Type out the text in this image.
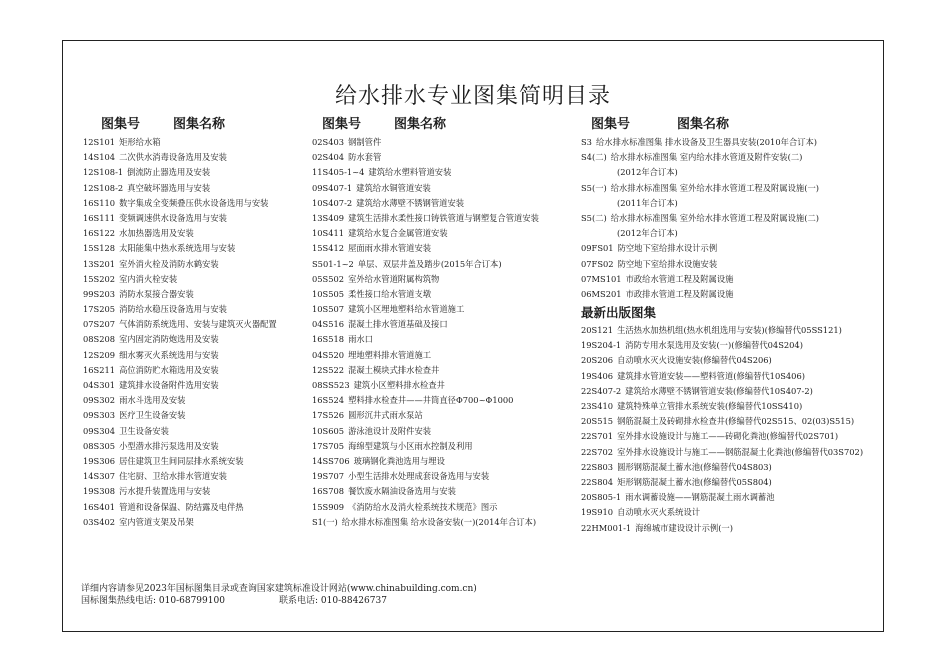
给水排水专业图集简明目录
图集号	图集名称
12S101 矩形给水箱
14S104 二次供水消毒设备选用及安装
12S108-1 倒流防止器选用及安装
12S108-2 真空破坏器选用与安装
16S110 数字集成全变频叠压供水设备选用与安装
16S111 变频调速供水设备选用与安装
16S122 水加热器选用及安装
15S128 太阳能集中热水系统选用与安装
13S201 室外消火栓及消防水鹤安装
15S202 室内消火栓安装
99S203 消防水泵接合器安装
17S205 消防给水稳压设备选用与安装
07S207 气体消防系统选用、安装与建筑灭火器配置
08S208 室内固定消防炮选用及安装
12S209 细水雾灭火系统选用与安装
16S211 高位消防贮水箱选用及安装
04S301 建筑排水设备附件选用安装
09S302 雨水斗选用及安装
09S303 医疗卫生设备安装
09S304 卫生设备安装
08S305 小型潜水排污泵选用及安装
19S306 居住建筑卫生间同层排水系统安装
14S307 住宅厨、卫给水排水管道安装
19S308 污水提升装置选用与安装
16S401 管道和设备保温、防结露及电伴热
03S402 室内管道支架及吊架
图集号	图集名称
02S403 钢制管件
02S404 防水套管
11S405-1~4 建筑给水塑料管道安装
09S407-1 建筑给水铜管道安装
10S407-2 建筑给水薄壁不锈钢管道安装
13S409 建筑生活排水柔性接口铸铁管道与钢塑复合管道安装
10S411 建筑给水复合金属管道安装
15S412 屋面雨水排水管道安装
S501-1~2 单层、双层井盖及踏步(2015年合订本)
05S502 室外给水管道附属构筑物
10S505 柔性接口给水管道支墩
10S507 建筑小区埋地塑料给水管道施工
04S516 混凝土排水管道基础及接口
16S518 雨水口
04S520 埋地塑料排水管道施工
12S522 混凝土模块式排水检查井
08SS523 建筑小区塑料排水检查井
16S524 塑料排水检查井——井筒直径Φ700~Φ1000
17S526 圆形沉井式雨水泵站
10S605 游泳池设计及附件安装
17S705 海绵型建筑与小区雨水控制及利用
14SS706 玻璃钢化粪池选用与埋设
19S707 小型生活排水处理成套设备选用与安装
16S708 餐饮废水隔油设备选用与安装
15S909 《消防给水及消火栓系统技术规范》图示
S1(一) 给水排水标准图集 给水设备安装(一)(2014年合订本)
图集号	图集名称
S3 给水排水标准图集 排水设备及卫生器具安装(2010年合订本)
S4(二) 给水排水标准图集 室内给水排水管道及附件安装(二)
(2012年合订本)
S5(一) 给水排水标准图集 室外给水排水管道工程及附属设施(一)
(2011年合订本)
S5(二) 给水排水标准图集 室外给水排水管道工程及附属设施(二)
(2012年合订本)
09FS01 防空地下室给排水设计示例
07FS02 防空地下室给排水设施安装
07MS101 市政给水管道工程及附属设施
06MS201 市政排水管道工程及附属设施
最新出版图集
20S121 生活热水加热机组(热水机组选用与安装)(修编替代05SS121)
19S204-1 消防专用水泵选用及安装(一)(修编替代04S204)
20S206 自动喷水灭火设施安装(修编替代04S206)
19S406 建筑排水管道安装——塑料管道(修编替代10S406)
22S407-2 建筑给水薄壁不锈钢管道安装(修编替代10S407-2)
23S410 建筑特殊单立管排水系统安装(修编替代10SS410)
20S515 钢筋混凝土及砖砌排水检查井(修编替代02S515、02(03)S515)
22S701 室外排水设施设计与施工——砖砌化粪池(修编替代02S701)
22S702 室外排水设施设计与施工——钢筋混凝土化粪池(修编替代03S702)
22S803 圆形钢筋混凝土蓄水池(修编替代04S803)
22S804 矩形钢筋混凝土蓄水池(修编替代05S804)
20S805-1 雨水调蓄设施——钢筋混凝土雨水调蓄池
19S910 自动喷水灭火系统设计
22HM001-1 海绵城市建设设计示例(一)
详细内容请参见2023年国标图集目录或查询国家建筑标准设计网站(www.chinabuilding.com.cn)
国标图集热线电话: 010-68799100	联系电话: 010-88426737
